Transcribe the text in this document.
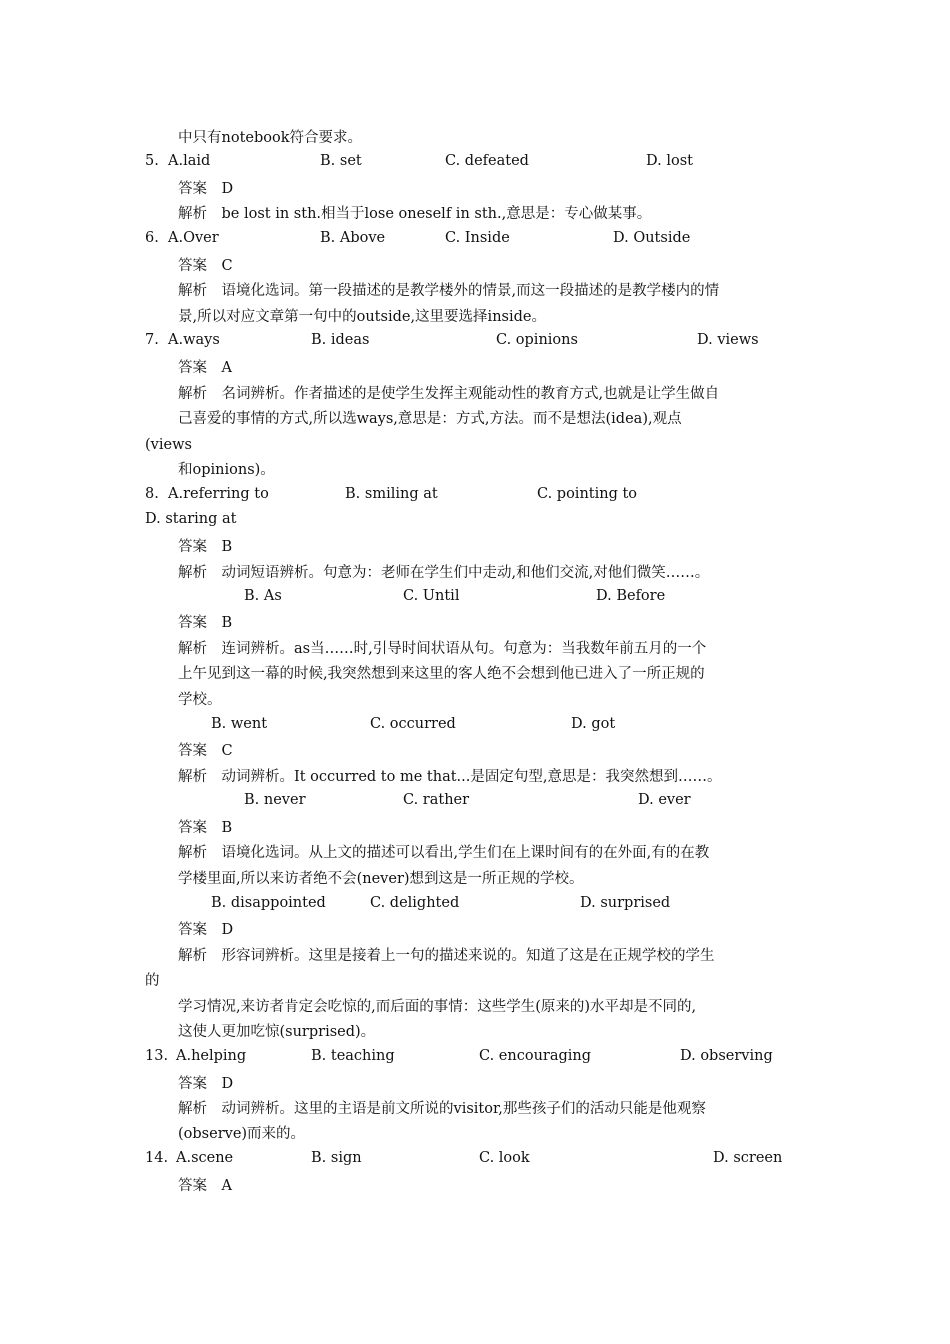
中只有notebook符合要求。
5. A.laid	B. set	C. defeated	D. lost
答案　D
解析　be lost in sth.相当于lose oneself in sth.,意思是：专心做某事。
6. A.Over	B. Above	C. Inside	D. Outside
答案　C
解析　语境化选词。第一段描述的是教学楼外的情景,而这一段描述的是教学楼内的情
景,所以对应文章第一句中的outside,这里要选择inside。
7. A.ways	B. ideas	C. opinions	D. views
答案　A
解析　名词辨析。作者描述的是使学生发挥主观能动性的教育方式,也就是让学生做自
己喜爱的事情的方式,所以选ways,意思是：方式,方法。而不是想法(idea),观点
(views
和opinions)。
8. A.referring to	B. smiling at	C. pointing to
D. staring at
答案　B
解析　动词短语辨析。句意为：老师在学生们中走动,和他们交流,对他们微笑……。
B. As	C. Until	D. Before
答案　B
解析　连词辨析。as当……时,引导时间状语从句。句意为：当我数年前五月的一个
上午见到这一幕的时候,我突然想到来这里的客人绝不会想到他已进入了一所正规的
学校。
B. went	C. occurred	D. got
答案　C
解析　动词辨析。It occurred to me that...是固定句型,意思是：我突然想到……。
B. never	C. rather	D. ever
答案　B
解析　语境化选词。从上文的描述可以看出,学生们在上课时间有的在外面,有的在教
学楼里面,所以来访者绝不会(never)想到这是一所正规的学校。
B. disappointed	C. delighted	D. surprised
答案　D
解析　形容词辨析。这里是接着上一句的描述来说的。知道了这是在正规学校的学生
的
学习情况,来访者肯定会吃惊的,而后面的事情：这些学生(原来的)水平却是不同的,
这使人更加吃惊(surprised)。
13. A.helping	B. teaching	C. encouraging	D. observing
答案　D
解析　动词辨析。这里的主语是前文所说的visitor,那些孩子们的活动只能是他观察
(observe)而来的。
14. A.scene	B. sign	C. look	D. screen
答案　A
